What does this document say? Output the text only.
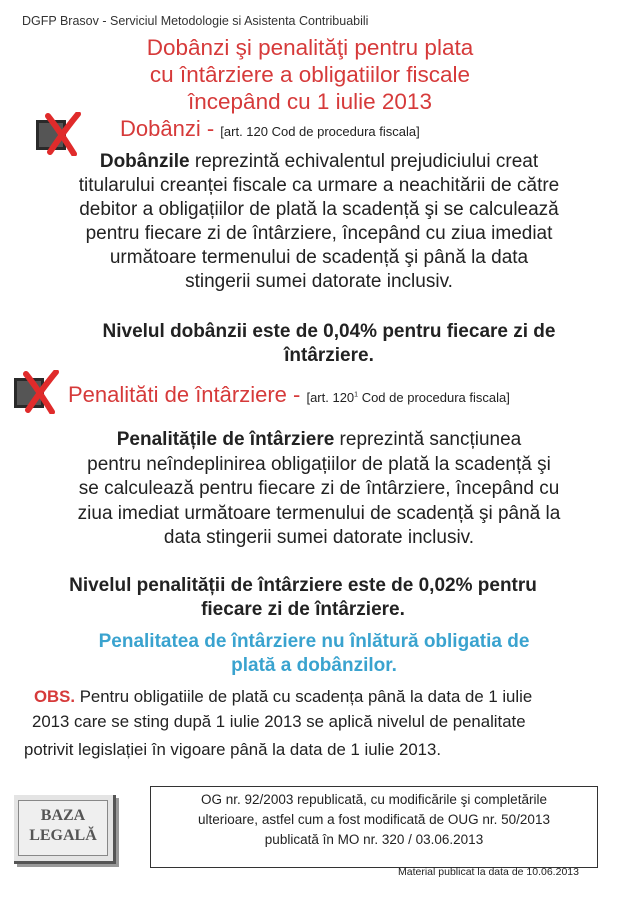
DGFP Brasov - Serviciul Metodologie si Asistenta Contribuabili
Dobânzi şi penalităţi pentru plata
cu întârziere a obligatiilor fiscale
începând cu 1 iulie 2013
Dobânzi - [art. 120 Cod de procedura fiscala]
Dobânzile reprezintă echivalentul prejudiciului creat
titularului creanței fiscale ca urmare a neachitării de către
debitor a obligațiilor de plată la scadență şi se calculează
pentru fiecare zi de întârziere, începând cu ziua imediat
următoare termenului de scadență şi până la data
stingerii sumei datorate inclusiv.
Nivelul dobânzii este de 0,04% pentru fiecare zi de
întârziere.
Penalităti de întârziere - [art. $120^1$ Cod de procedura fiscala]
Penalitățile de întârziere reprezintă sancțiunea
pentru neîndeplinirea obligațiilor de plată la scadență şi
se calculează pentru fiecare zi de întârziere, începând cu
ziua imediat următoare termenului de scadență şi până la
data stingerii sumei datorate inclusiv.
Nivelul penalității de întârziere este de 0,02% pentru
fiecare zi de întârziere.
Penalitatea de întârziere nu înlătură obligatia de
plată a dobânzilor.
OBS. Pentru obligatiile de plată cu scadența până la data de 1 iulie
2013 care se sting după 1 iulie 2013 se aplică nivelul de penalitate
potrivit legislației în vigoare până la data de 1 iulie 2013.
BAZA
LEGALĂ
OG nr. 92/2003 republicată, cu modificările şi completările
ulterioare, astfel cum a fost modificată de OUG nr. 50/2013
publicată în MO nr. 320 / 03.06.2013
Material publicat la data de 10.06.2013
